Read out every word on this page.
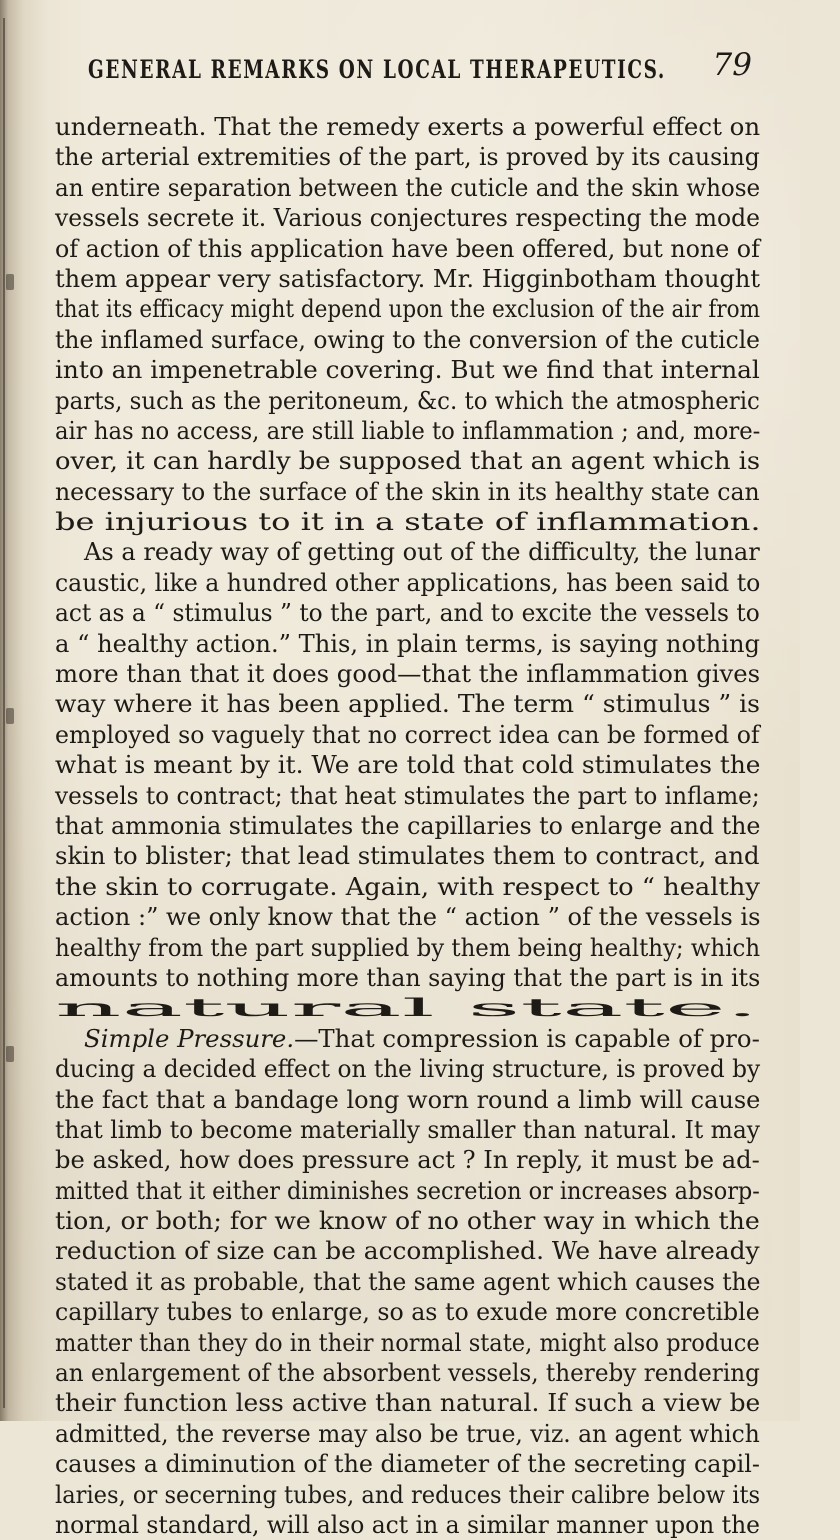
GENERAL REMARKS ON LOCAL THERAPEUTICS. 79
underneath. That the remedy exerts a powerful effect on
the arterial extremities of the part, is proved by its causing
an entire separation between the cuticle and the skin whose
vessels secrete it. Various conjectures respecting the mode
of action of this application have been offered, but none of
them appear very satisfactory. Mr. Higginbotham thought
that its efficacy might depend upon the exclusion of the air from
the inflamed surface, owing to the conversion of the cuticle
into an impenetrable covering. But we find that internal
parts, such as the peritoneum, &c. to which the atmospheric
air has no access, are still liable to inflammation ; and, more-
over, it can hardly be supposed that an agent which is
necessary to the surface of the skin in its healthy state can
be injurious to it in a state of inflammation.
As a ready way of getting out of the difficulty, the lunar
caustic, like a hundred other applications, has been said to
act as a “ stimulus ” to the part, and to excite the vessels to
a “ healthy action.” This, in plain terms, is saying nothing
more than that it does good—that the inflammation gives
way where it has been applied. The term “ stimulus ” is
employed so vaguely that no correct idea can be formed of
what is meant by it. We are told that cold stimulates the
vessels to contract; that heat stimulates the part to inflame;
that ammonia stimulates the capillaries to enlarge and the
skin to blister; that lead stimulates them to contract, and
the skin to corrugate. Again, with respect to “ healthy
action :” we only know that the “ action ” of the vessels is
healthy from the part supplied by them being healthy; which
amounts to nothing more than saying that the part is in its
natural state.
Simple Pressure.—That compression is capable of pro-
ducing a decided effect on the living structure, is proved by
the fact that a bandage long worn round a limb will cause
that limb to become materially smaller than natural. It may
be asked, how does pressure act ? In reply, it must be ad-
mitted that it either diminishes secretion or increases absorp-
tion, or both; for we know of no other way in which the
reduction of size can be accomplished. We have already
stated it as probable, that the same agent which causes the
capillary tubes to enlarge, so as to exude more concretible
matter than they do in their normal state, might also produce
an enlargement of the absorbent vessels, thereby rendering
their function less active than natural. If such a view be
admitted, the reverse may also be true, viz. an agent which
causes a diminution of the diameter of the secreting capil-
laries, or secerning tubes, and reduces their calibre below its
normal standard, will also act in a similar manner upon the
